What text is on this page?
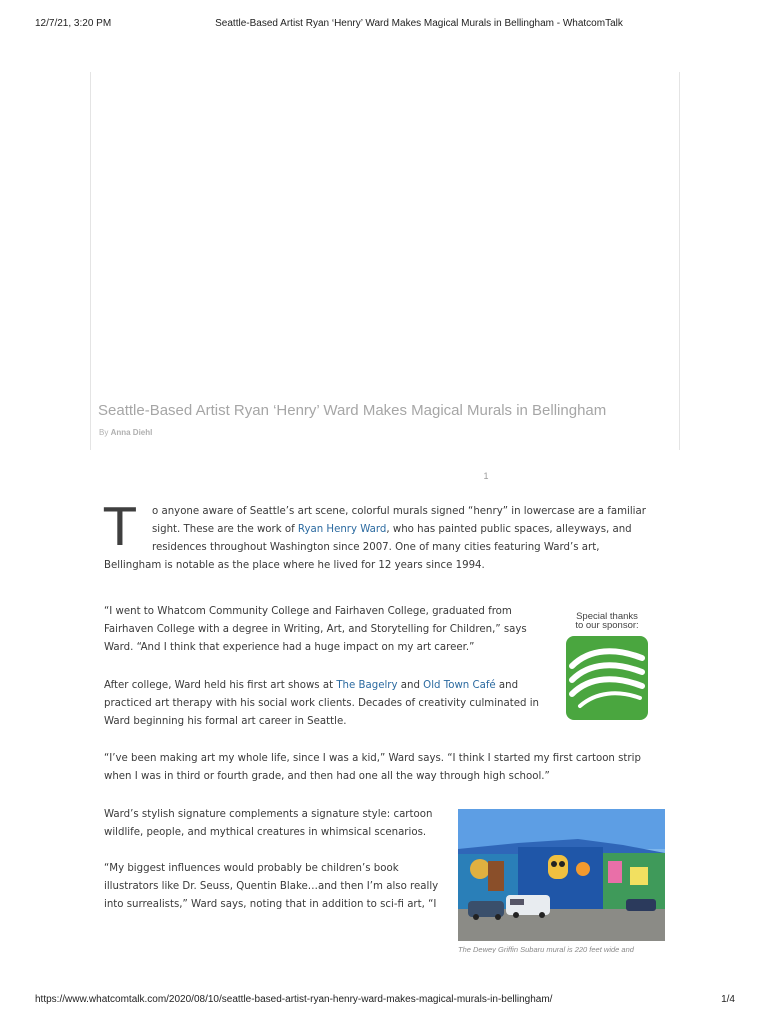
12/7/21, 3:20 PM	Seattle-Based Artist Ryan ‘Henry’ Ward Makes Magical Murals in Bellingham - WhatcomTalk
Seattle-Based Artist Ryan ‘Henry’ Ward Makes Magical Murals in Bellingham
By Anna Diehl
1
T o anyone aware of Seattle’s art scene, colorful murals signed “henry” in lowercase are a familiar sight. These are the work of Ryan Henry Ward, who has painted public spaces, alleyways, and residences throughout Washington since 2007. One of many cities featuring Ward’s art,

Bellingham is notable as the place where he lived for 12 years since 1994.

“I went to Whatcom Community College and Fairhaven College, graduated from Fairhaven College with a degree in Writing, Art, and Storytelling for Children,” says Ward. “And I think that experience had a huge impact on my art career.”

After college, Ward held his first art shows at The Bagelry and Old Town Café and practiced art therapy with his social work clients. Decades of creativity culminated in Ward beginning his formal art career in Seattle.

“I’ve been making art my whole life, since I was a kid,” Ward says. “I think I started my first cartoon strip when I was in third or fourth grade, and then had one all the way through high school.”

Ward’s stylish signature complements a signature style: cartoon wildlife, people, and mythical creatures in whimsical scenarios.

“My biggest influences would probably be children’s book illustrators like Dr. Seuss, Quentin Blake…and then I’m also really into surrealists,” Ward says, noting that in addition to sci-fi art, “I

Special thanks
to our sponsor:
The Dewey Griffin Subaru mural is 220 feet wide and
https://www.whatcomtalk.com/2020/08/10/seattle-based-artist-ryan-henry-ward-makes-magical-murals-in-bellingham/	1/4
